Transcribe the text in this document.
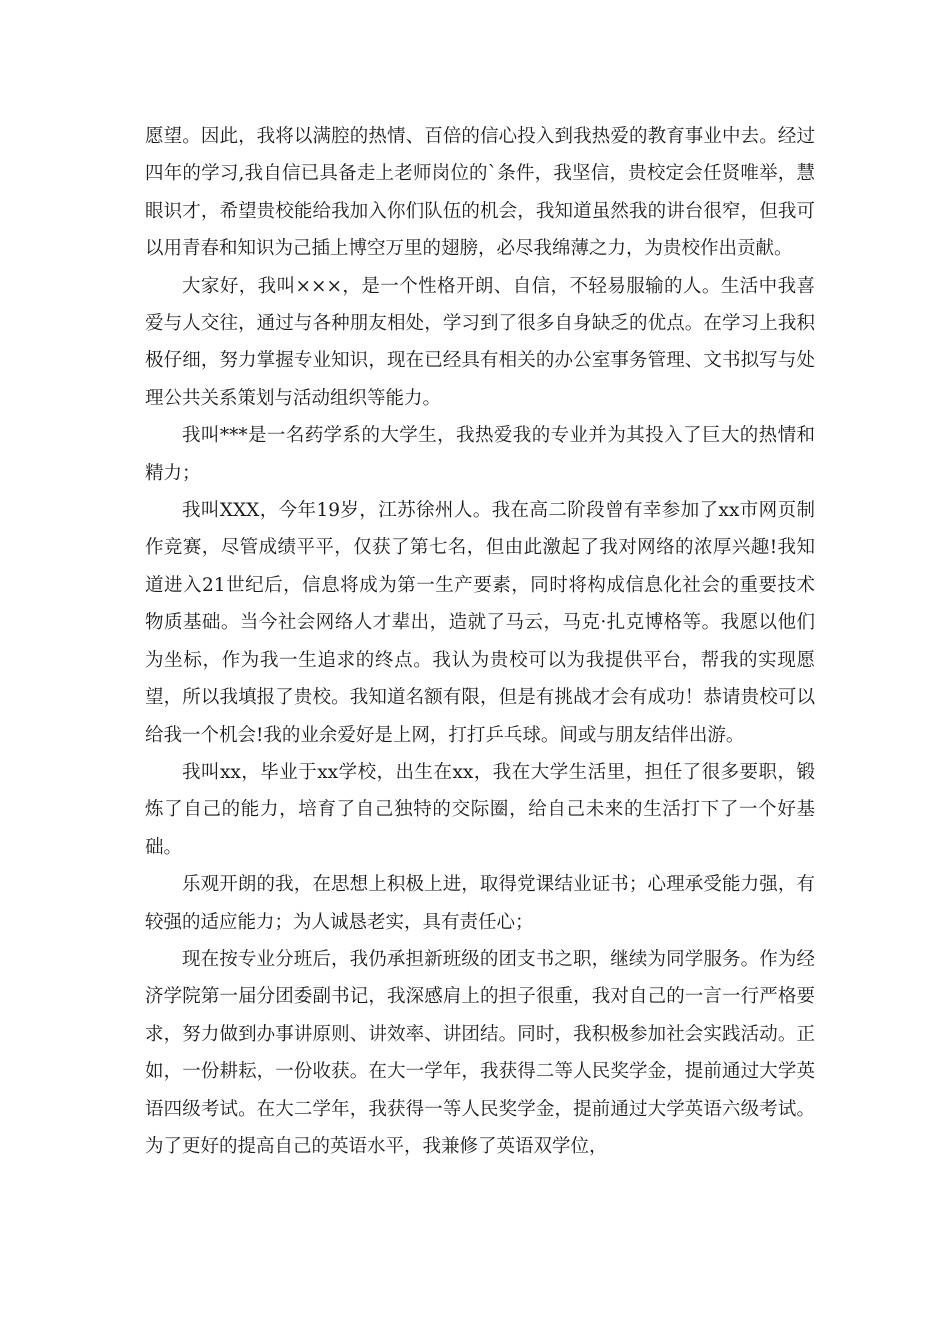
愿望。因此，我将以满腔的热情、百倍的信心投入到我热爱的教育事业中去。经过四年的学习,我自信已具备走上老师岗位的`条件，我坚信，贵校定会任贤唯举，慧眼识才，希望贵校能给我加入你们队伍的机会，我知道虽然我的讲台很窄，但我可以用青春和知识为己插上博空万里的翅膀，必尽我绵薄之力，为贵校作出贡献。

大家好，我叫×××，是一个性格开朗、自信，不轻易服输的人。生活中我喜爱与人交往，通过与各种朋友相处，学习到了很多自身缺乏的优点。在学习上我积极仔细，努力掌握专业知识，现在已经具有相关的办公室事务管理、文书拟写与处理公共关系策划与活动组织等能力。

我叫***是一名药学系的大学生，我热爱我的专业并为其投入了巨大的热情和精力；

我叫XXX，今年19岁，江苏徐州人。我在高二阶段曾有幸参加了xx市网页制作竞赛，尽管成绩平平，仅获了第七名，但由此激起了我对网络的浓厚兴趣!我知道进入21世纪后，信息将成为第一生产要素，同时将构成信息化社会的重要技术物质基础。当今社会网络人才辈出，造就了马云，马克·扎克博格等。我愿以他们为坐标，作为我一生追求的终点。我认为贵校可以为我提供平台，帮我的实现愿望，所以我填报了贵校。我知道名额有限，但是有挑战才会有成功！恭请贵校可以给我一个机会!我的业余爱好是上网，打打乒乓球。间或与朋友结伴出游。

我叫xx，毕业于xx学校，出生在xx，我在大学生活里，担任了很多要职，锻炼了自己的能力，培育了自己独特的交际圈，给自己未来的生活打下了一个好基础。

乐观开朗的我，在思想上积极上进，取得党课结业证书；心理承受能力强，有较强的适应能力；为人诚恳老实，具有责任心；

现在按专业分班后，我仍承担新班级的团支书之职，继续为同学服务。作为经济学院第一届分团委副书记，我深感肩上的担子很重，我对自己的一言一行严格要求，努力做到办事讲原则、讲效率、讲团结。同时，我积极参加社会实践活动。正如，一份耕耘，一份收获。在大一学年，我获得二等人民奖学金，提前通过大学英语四级考试。在大二学年，我获得一等人民奖学金，提前通过大学英语六级考试。为了更好的提高自己的英语水平，我兼修了英语双学位，
